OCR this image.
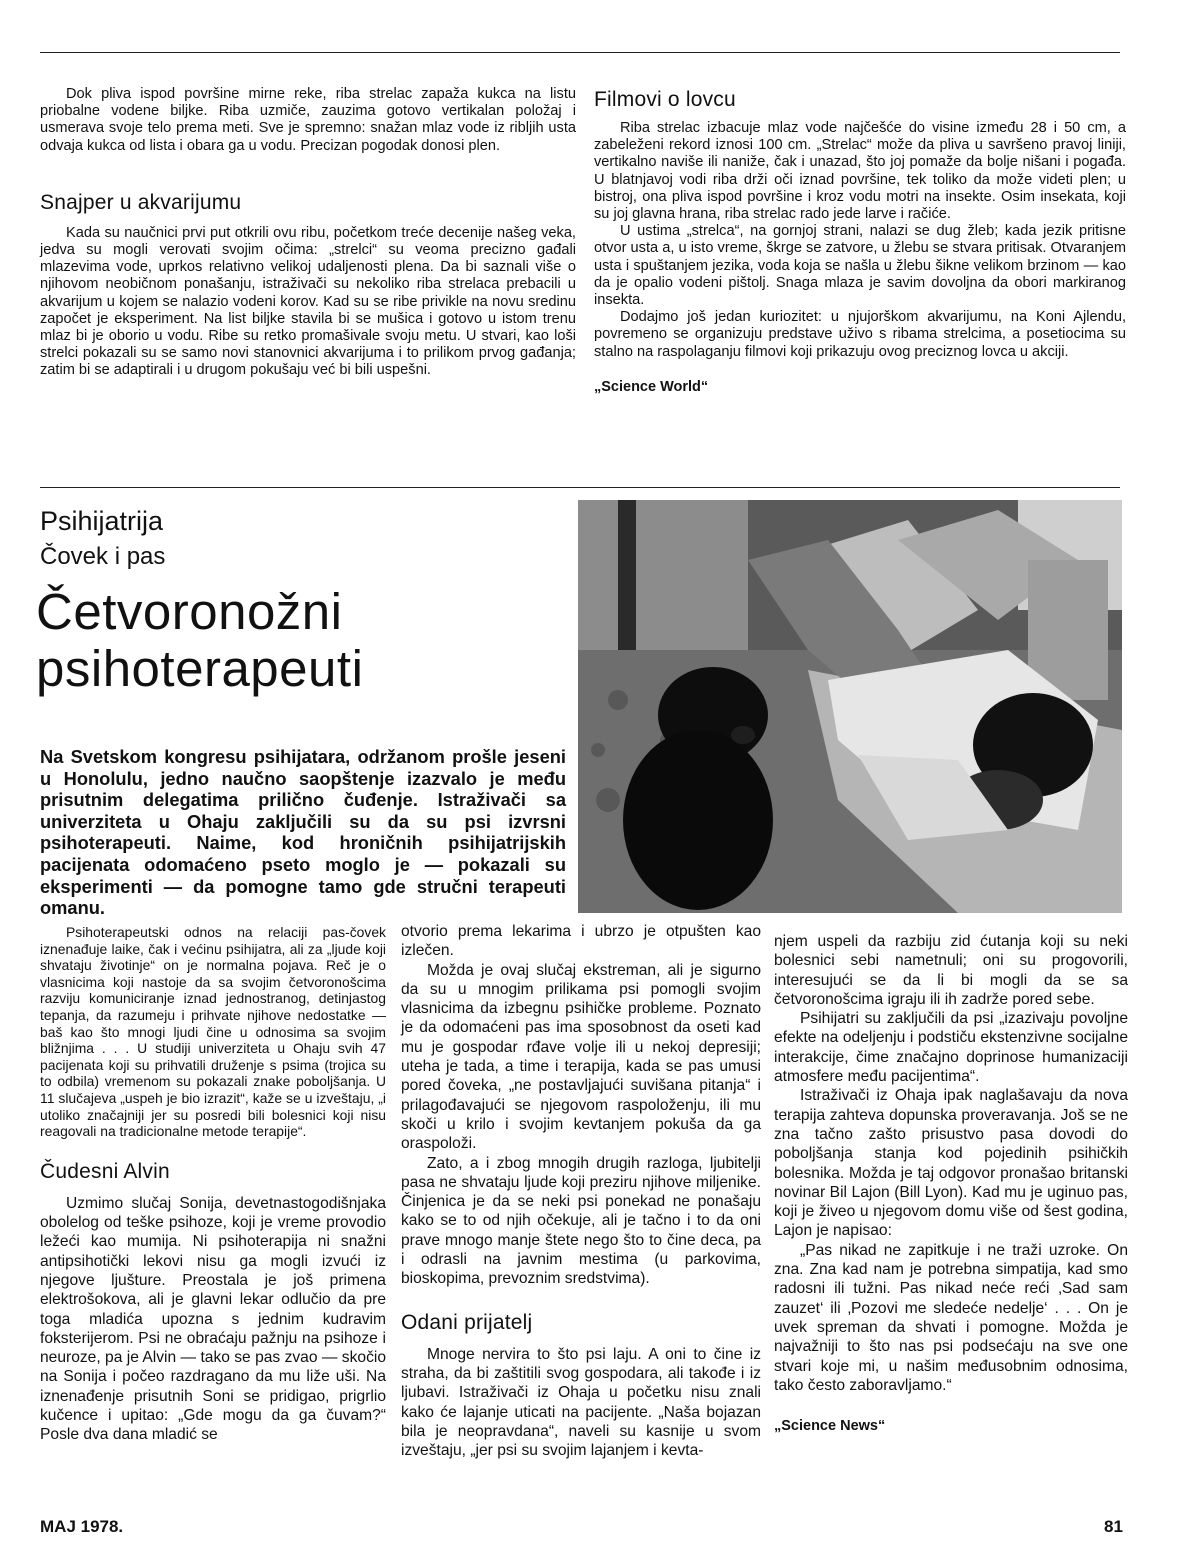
Dok pliva ispod površine mirne reke, riba strelac zapaža kukca na listu priobalne vodene biljke. Riba uzmiče, zauzima gotovo vertikalan položaj i usmerava svoje telo prema meti. Sve je spremno: snažan mlaz vode iz ribljih usta odvaja kukca od lista i obara ga u vodu. Precizan pogodak donosi plen.

Snajper u akvarijumu

Kada su naučnici prvi put otkrili ovu ribu, početkom treće decenije našeg veka, jedva su mogli verovati svojim očima: „strelci“ su veoma precizno gađali mlazevima vode, uprkos relativno velikoj udaljenosti plena. Da bi saznali više o njihovom neobičnom ponašanju, istraživači su nekoliko riba strelaca prebacili u akvarijum u kojem se nalazio vodeni korov. Kad su se ribe privikle na novu sredinu započet je eksperiment. Na list biljke stavila bi se mušica i gotovo u istom trenu mlaz bi je oborio u vodu. Ribe su retko promašivale svoju metu. U stvari, kao loši strelci pokazali su se samo novi stanovnici akvarijuma i to prilikom prvog gađanja; zatim bi se adaptirali i u drugom pokušaju već bi bili uspešni.

Filmovi o lovcu

Riba strelac izbacuje mlaz vode najčešće do visine između 28 i 50 cm, a zabeleženi rekord iznosi 100 cm. „Strelac“ može da pliva u savršeno pravoj liniji, vertikalno naviše ili naniže, čak i unazad, što joj pomaže da bolje nišani i pogađa. U blatnjavoj vodi riba drži oči iznad površine, tek toliko da može videti plen; u bistroj, ona pliva ispod površine i kroz vodu motri na insekte. Osim insekata, koji su joj glavna hrana, riba strelac rado jede larve i račiće.

U ustima „strelca“, na gornjoj strani, nalazi se dug žleb; kada jezik pritisne otvor usta a, u isto vreme, škrge se zatvore, u žlebu se stvara pritisak. Otvaranjem usta i spuštanjem jezika, voda koja se našla u žlebu šikne velikom brzinom — kao da je opalio vodeni pištolj. Snaga mlaza je savim dovoljna da obori markiranog insekta.

Dodajmo još jedan kuriozitet: u njujorškom akvarijumu, na Koni Ajlendu, povremeno se organizuju predstave uživo s ribama strelcima, a posetiocima su stalno na raspolaganju filmovi koji prikazuju ovog preciznog lovca u akciji.

„Science World“
Psihijatrija
Čovek i pas
Četvoronožni
psihoterapeuti
Na Svetskom kongresu psihijatara, održanom prošle jeseni u Honolulu, jedno naučno saopštenje izazvalo je među prisutnim delegatima prilično čuđenje. Istraživači sa univerziteta u Ohaju zaključili su da su psi izvrsni psihoterapeuti. Naime, kod hroničnih psihijatrijskih pacijenata odomaćeno pseto moglo je — pokazali su eksperimenti — da pomogne tamo gde stručni terapeuti omanu.

Psihoterapeutski odnos na relaciji pas-čovek iznenađuje laike, čak i većinu psihijatra, ali za „ljude koji shvataju životinje“ on je normalna pojava. Reč je o vlasnicima koji nastoje da sa svojim četvoronošcima razviju komuniciranje iznad jednostranog, detinjastog tepanja, da razumeju i prihvate njihove nedostatke — baš kao što mnogi ljudi čine u odnosima sa svojim bližnjima . . . U studiji univerziteta u Ohaju svih 47 pacijenata koji su prihvatili druženje s psima (trojica su to odbila) vremenom su pokazali znake poboljšanja. U 11 slučajeva „uspeh je bio izrazit“, kaže se u izveštaju, „i utoliko značajniji jer su posredi bili bolesnici koji nisu reagovali na tradicionalne metode terapije“.

Čudesni Alvin

Uzmimo slučaj Sonija, devetnastogodišnjaka obolelog od teške psihoze, koji je vreme provodio ležeći kao mumija. Ni psihoterapija ni snažni antipsihotički lekovi nisu ga mogli izvući iz njegove ljušture. Preostala je još primena elektrošokova, ali je glavni lekar odlučio da pre toga mladića upozna s jednim kudravim foksterijerom. Psi ne obraćaju pažnju na psihoze i neuroze, pa je Alvin — tako se pas zvao — skočio na Sonija i počeo razdragano da mu liže uši. Na iznenađenje prisutnih Soni se pridigao, prigrlio kučence i upitao: „Gde mogu da ga čuvam?“ Posle dva dana mladić se

otvorio prema lekarima i ubrzo je otpušten kao izlečen.

Možda je ovaj slučaj ekstreman, ali je sigurno da su u mnogim prilikama psi pomogli svojim vlasnicima da izbegnu psihičke probleme. Poznato je da odomaćeni pas ima sposobnost da oseti kad mu je gospodar rđave volje ili u nekoj depresiji; uteha je tada, a time i terapija, kada se pas umusi pored čoveka, „ne postavljajući suvišana pitanja“ i prilagođavajući se njegovom raspoloženju, ili mu skoči u krilo i svojim kevtanjem pokuša da ga oraspoloži.

Zato, a i zbog mnogih drugih razloga, ljubitelji pasa ne shvataju ljude koji preziru njihove miljenike. Činjenica je da se neki psi ponekad ne ponašaju kako se to od njih očekuje, ali je tačno i to da oni prave mnogo manje štete nego što to čine deca, pa i odrasli na javnim mestima (u parkovima, bioskopima, prevoznim sredstvima).

Odani prijatelj

Mnoge nervira to što psi laju. A oni to čine iz straha, da bi zaštitili svog gospodara, ali takođe i iz ljubavi. Istraživači iz Ohaja u početku nisu znali kako će lajanje uticati na pacijente. „Naša bojazan bila je neopravdana“, naveli su kasnije u svom izveštaju, „jer psi su svojim lajanjem i kevta-

njem uspeli da razbiju zid ćutanja koji su neki bolesnici sebi nametnuli; oni su progovorili, interesujući se da li bi mogli da se sa četvoronošcima igraju ili ih zadrže pored sebe.

Psihijatri su zaključili da psi „izazivaju povoljne efekte na odeljenju i podstiču ekstenzivne socijalne interakcije, čime značajno doprinose humanizaciji atmosfere među pacijentima“.

Istraživači iz Ohaja ipak naglašavaju da nova terapija zahteva dopunska proveravanja. Još se ne zna tačno zašto prisustvo pasa dovodi do poboljšanja stanja kod pojedinih psihičkih bolesnika. Možda je taj odgovor pronašao britanski novinar Bil Lajon (Bill Lyon). Kad mu je uginuo pas, koji je živeo u njegovom domu više od šest godina, Lajon je napisao:

„Pas nikad ne zapitkuje i ne traži uzroke. On zna. Zna kad nam je potrebna simpatija, kad smo radosni ili tužni. Pas nikad neće reći ‚Sad sam zauzet‘ ili ‚Pozovi me sledeće nedelje‘ . . . On je uvek spreman da shvati i pomogne. Možda je najvažniji to što nas psi podsećaju na sve one stvari koje mi, u našim međusobnim odnosima, tako često zaboravljamo.“

„Science News“
MAJ 1978.	81
